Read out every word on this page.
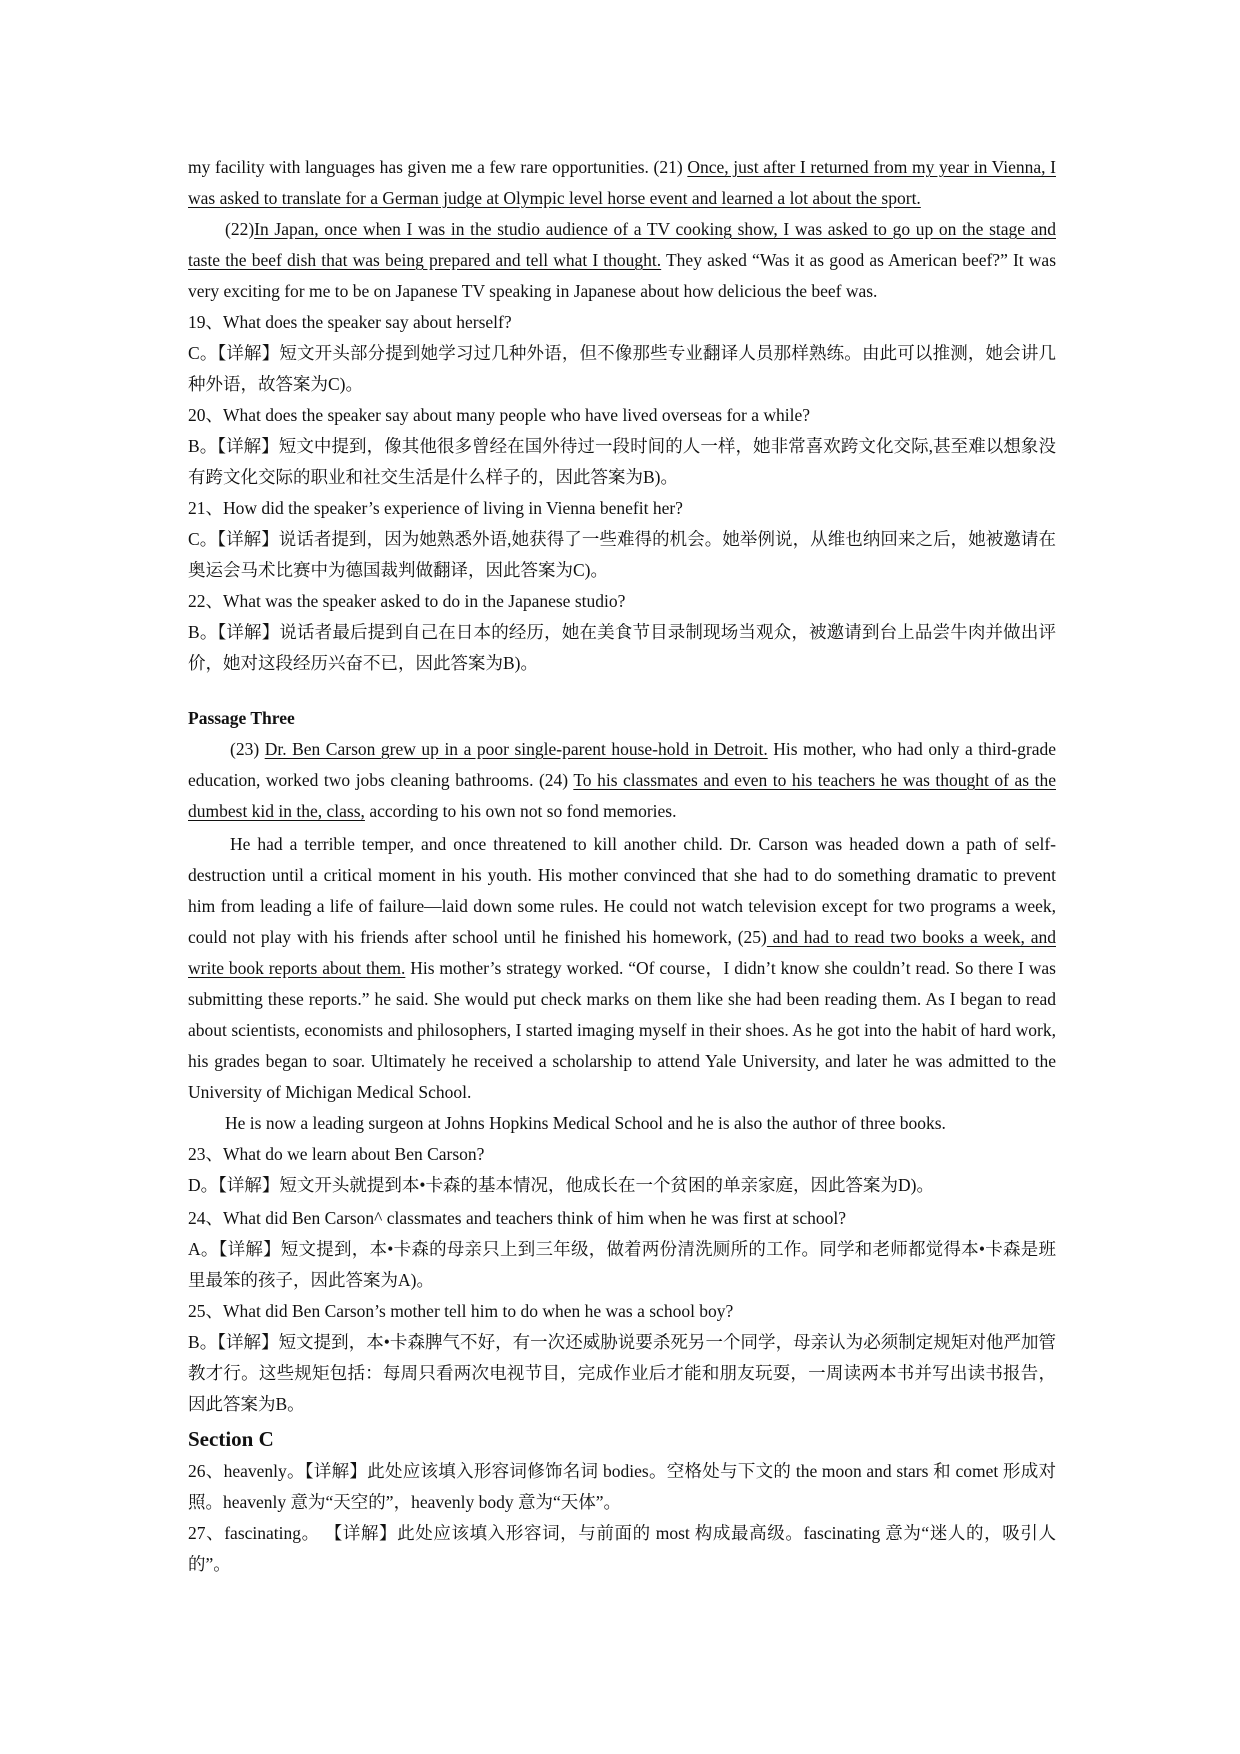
my facility with languages has given me a few rare opportunities. (21) Once, just after I returned from my year in Vienna, I was asked to translate for a German judge at Olympic level horse event and learned a lot about the sport.

(22)In Japan, once when I was in the studio audience of a TV cooking show, I was asked to go up on the stage and taste the beef dish that was being prepared and tell what I thought. They asked “Was it as good as American beef?” It was very exciting for me to be on Japanese TV speaking in Japanese about how delicious the beef was.

19、What does the speaker say about herself?

C。【详解】短文开头部分提到她学习过几种外语，但不像那些专业翻译人员那样熟练。由此可以推测，她会讲几种外语，故答案为C)。

20、What does the speaker say about many people who have lived overseas for a while?

B。【详解】短文中提到，像其他很多曾经在国外待过一段时间的人一样，她非常喜欢跨文化交际,甚至难以想象没有跨文化交际的职业和社交生活是什么样子的，因此答案为B)。

21、How did the speaker’s experience of living in Vienna benefit her?

C。【详解】说话者提到，因为她熟悉外语,她获得了一些难得的机会。她举例说，从维也纳回来之后，她被邀请在奥运会马术比赛中为德国裁判做翻译，因此答案为C)。

22、What was the speaker asked to do in the Japanese studio?

B。【详解】说话者最后提到自己在日本的经历，她在美食节目录制现场当观众，被邀请到台上品尝牛肉并做出评价，她对这段经历兴奋不已，因此答案为B)。

Passage Three

(23) Dr. Ben Carson grew up in a poor single-parent house-hold in Detroit. His mother, who had only a third-grade education, worked two jobs cleaning bathrooms. (24) To his classmates and even to his teachers he was thought of as the dumbest kid in the, class, according to his own not so fond memories.

He had a terrible temper, and once threatened to kill another child. Dr. Carson was headed down a path of self-destruction until a critical moment in his youth. His mother convinced that she had to do something dramatic to prevent him from leading a life of failure—laid down some rules. He could not watch television except for two programs a week, could not play with his friends after school until he finished his homework, (25) and had to read two books a week, and write book reports about them. His mother’s strategy worked. “Of course，I didn’t know she couldn’t read. So there I was submitting these reports.” he said. She would put check marks on them like she had been reading them. As I began to read about scientists, economists and philosophers, I started imaging myself in their shoes. As he got into the habit of hard work, his grades began to soar. Ultimately he received a scholarship to attend Yale University, and later he was admitted to the University of Michigan Medical School.

He is now a leading surgeon at Johns Hopkins Medical School and he is also the author of three books.

23、What do we learn about Ben Carson?

D。【详解】短文开头就提到本•卡森的基本情况，他成长在一个贫困的单亲家庭，因此答案为D)。

24、What did Ben Carson^ classmates and teachers think of him when he was first at school?

A。【详解】短文提到，本•卡森的母亲只上到三年级，做着两份清洗厕所的工作。同学和老师都觉得本•卡森是班里最笨的孩子，因此答案为A)。

25、What did Ben Carson’s mother tell him to do when he was a school boy?

B。【详解】短文提到，本•卡森脾气不好，有一次还威胁说要杀死另一个同学，母亲认为必须制定规矩对他严加管教才行。这些规矩包括：每周只看两次电视节目，完成作业后才能和朋友玩耍，一周读两本书并写出读书报告，因此答案为B。

Section C

26、heavenly。【详解】此处应该填入形容词修饰名词 bodies。空格处与下文的 the moon and stars 和 comet 形成对照。heavenly 意为“天空的”，heavenly body 意为“天体”。

27、fascinating。 【详解】此处应该填入形容词，与前面的 most 构成最高级。fascinating 意为“迷人的，吸引人的”。
